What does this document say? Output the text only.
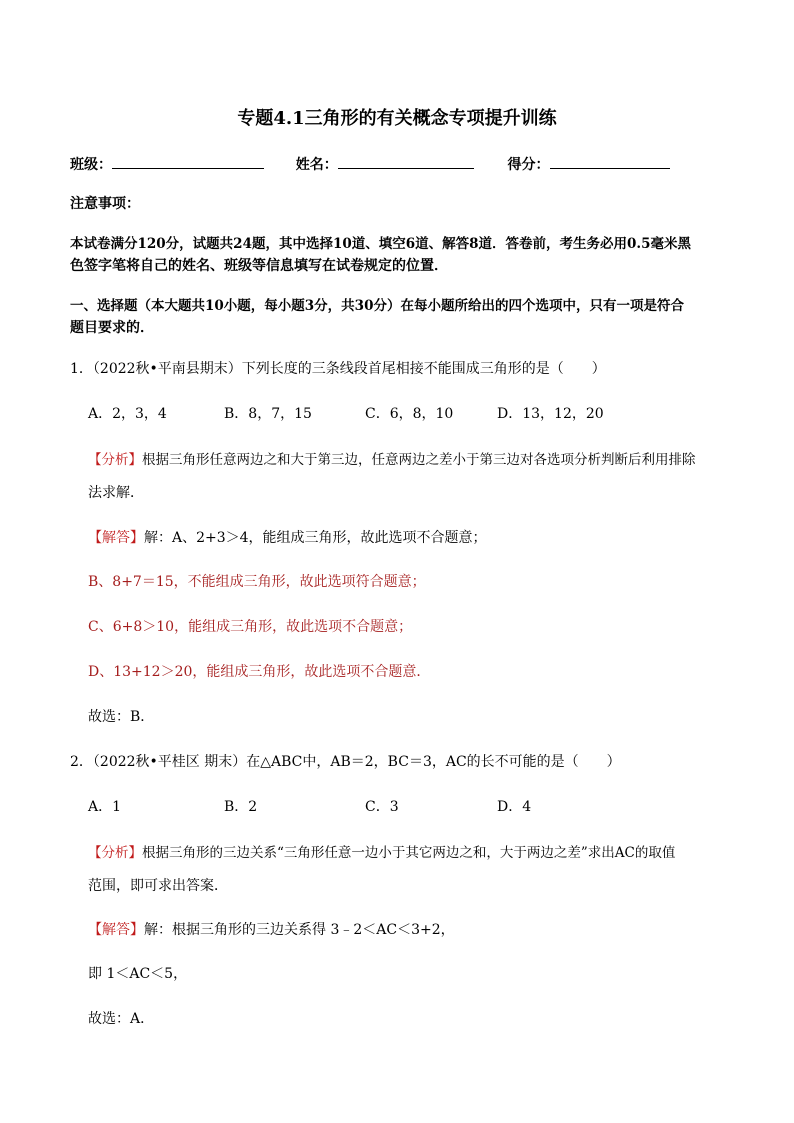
专题4.1三角形的有关概念专项提升训练
班级：	姓名：	得分：
注意事项：
本试卷满分120分，试题共24题，其中选择10道、填空6道、解答8道．答卷前，考生务必用0.5毫米黑
色签字笔将自己的姓名、班级等信息填写在试卷规定的位置．
一、选择题（本大题共10小题，每小题3分，共30分）在每小题所给出的四个选项中，只有一项是符合
题目要求的．
1．（2022秋•平南县期末）下列长度的三条线段首尾相接不能围成三角形的是（　　）
A．2，3，4	B．8，7，15	C．6，8，10	D．13，12，20
【分析】根据三角形任意两边之和大于第三边，任意两边之差小于第三边对各选项分析判断后利用排除
法求解．
【解答】解：A、2+3＞4，能组成三角形，故此选项不合题意；
B、8+7＝15，不能组成三角形，故此选项符合题意；
C、6+8＞10，能组成三角形，故此选项不合题意；
D、13+12＞20，能组成三角形，故此选项不合题意．
故选：B．
2．（2022秋•平桂区 期末）在△ABC中，AB＝2，BC＝3，AC的长不可能的是（　　）
A．1	B．2	C．3	D．4
【分析】根据三角形的三边关系“三角形任意一边小于其它两边之和，大于两边之差”求出AC的取值
范围，即可求出答案．
【解答】解：根据三角形的三边关系得 3﹣2＜AC＜3+2，
即 1＜AC＜5，
故选：A．
